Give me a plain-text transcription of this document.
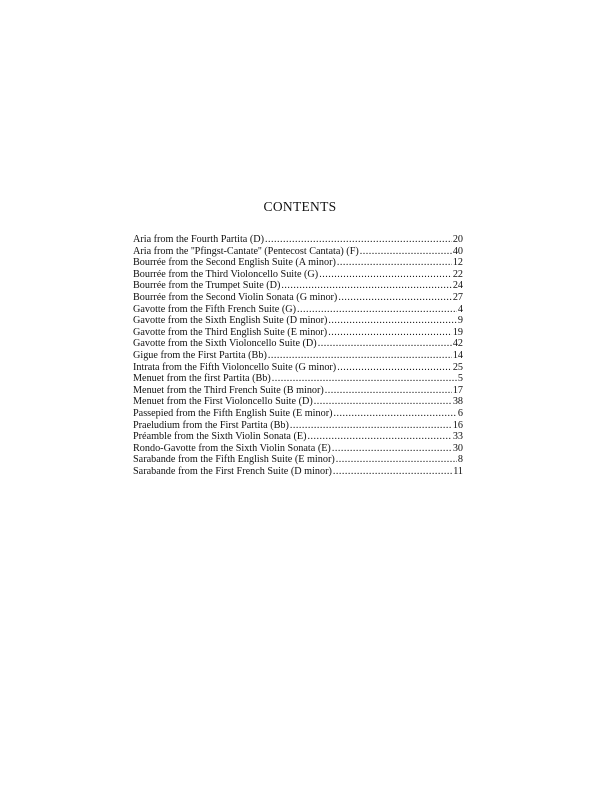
CONTENTS
Aria from the Fourth Partita (D) . . .	20
Aria from the ''Pfingst-Cantate'' (Pentecost Cantata) (F) . . .	40
Bourrée from the Second English Suite (A minor) . . .	12
Bourrée from the Third Violoncello Suite (G) . . .	22
Bourrée from the Trumpet Suite (D) . . .	24
Bourrée from the Second Violin Sonata (G minor) . . .	27
Gavotte from the Fifth French Suite (G) . . .	4
Gavotte from the Sixth English Suite (D minor) . . .	9
Gavotte from the Third English Suite (E minor) . . .	19
Gavotte from the Sixth Violoncello Suite (D) . . .	42
Gigue from the First Partita (Bb) . . .	14
Intrata from the Fifth Violoncello Suite (G minor) . . .	25
Menuet from the first Partita (Bb) . . .	5
Menuet from the Third French Suite (B minor) . . .	17
Menuet from the First Violoncello Suite (D) . . .	38
Passepied from the Fifth English Suite (E minor) . . .	6
Praeludium from the First Partita (Bb) . . .	16
Préamble from the Sixth Violin Sonata (E) . . .	33
Rondo-Gavotte from the Sixth Violin Sonata (E) . . .	30
Sarabande from the Fifth English Suite (E minor) . . .	8
Sarabande from the First French Suite (D minor) . . .	11
